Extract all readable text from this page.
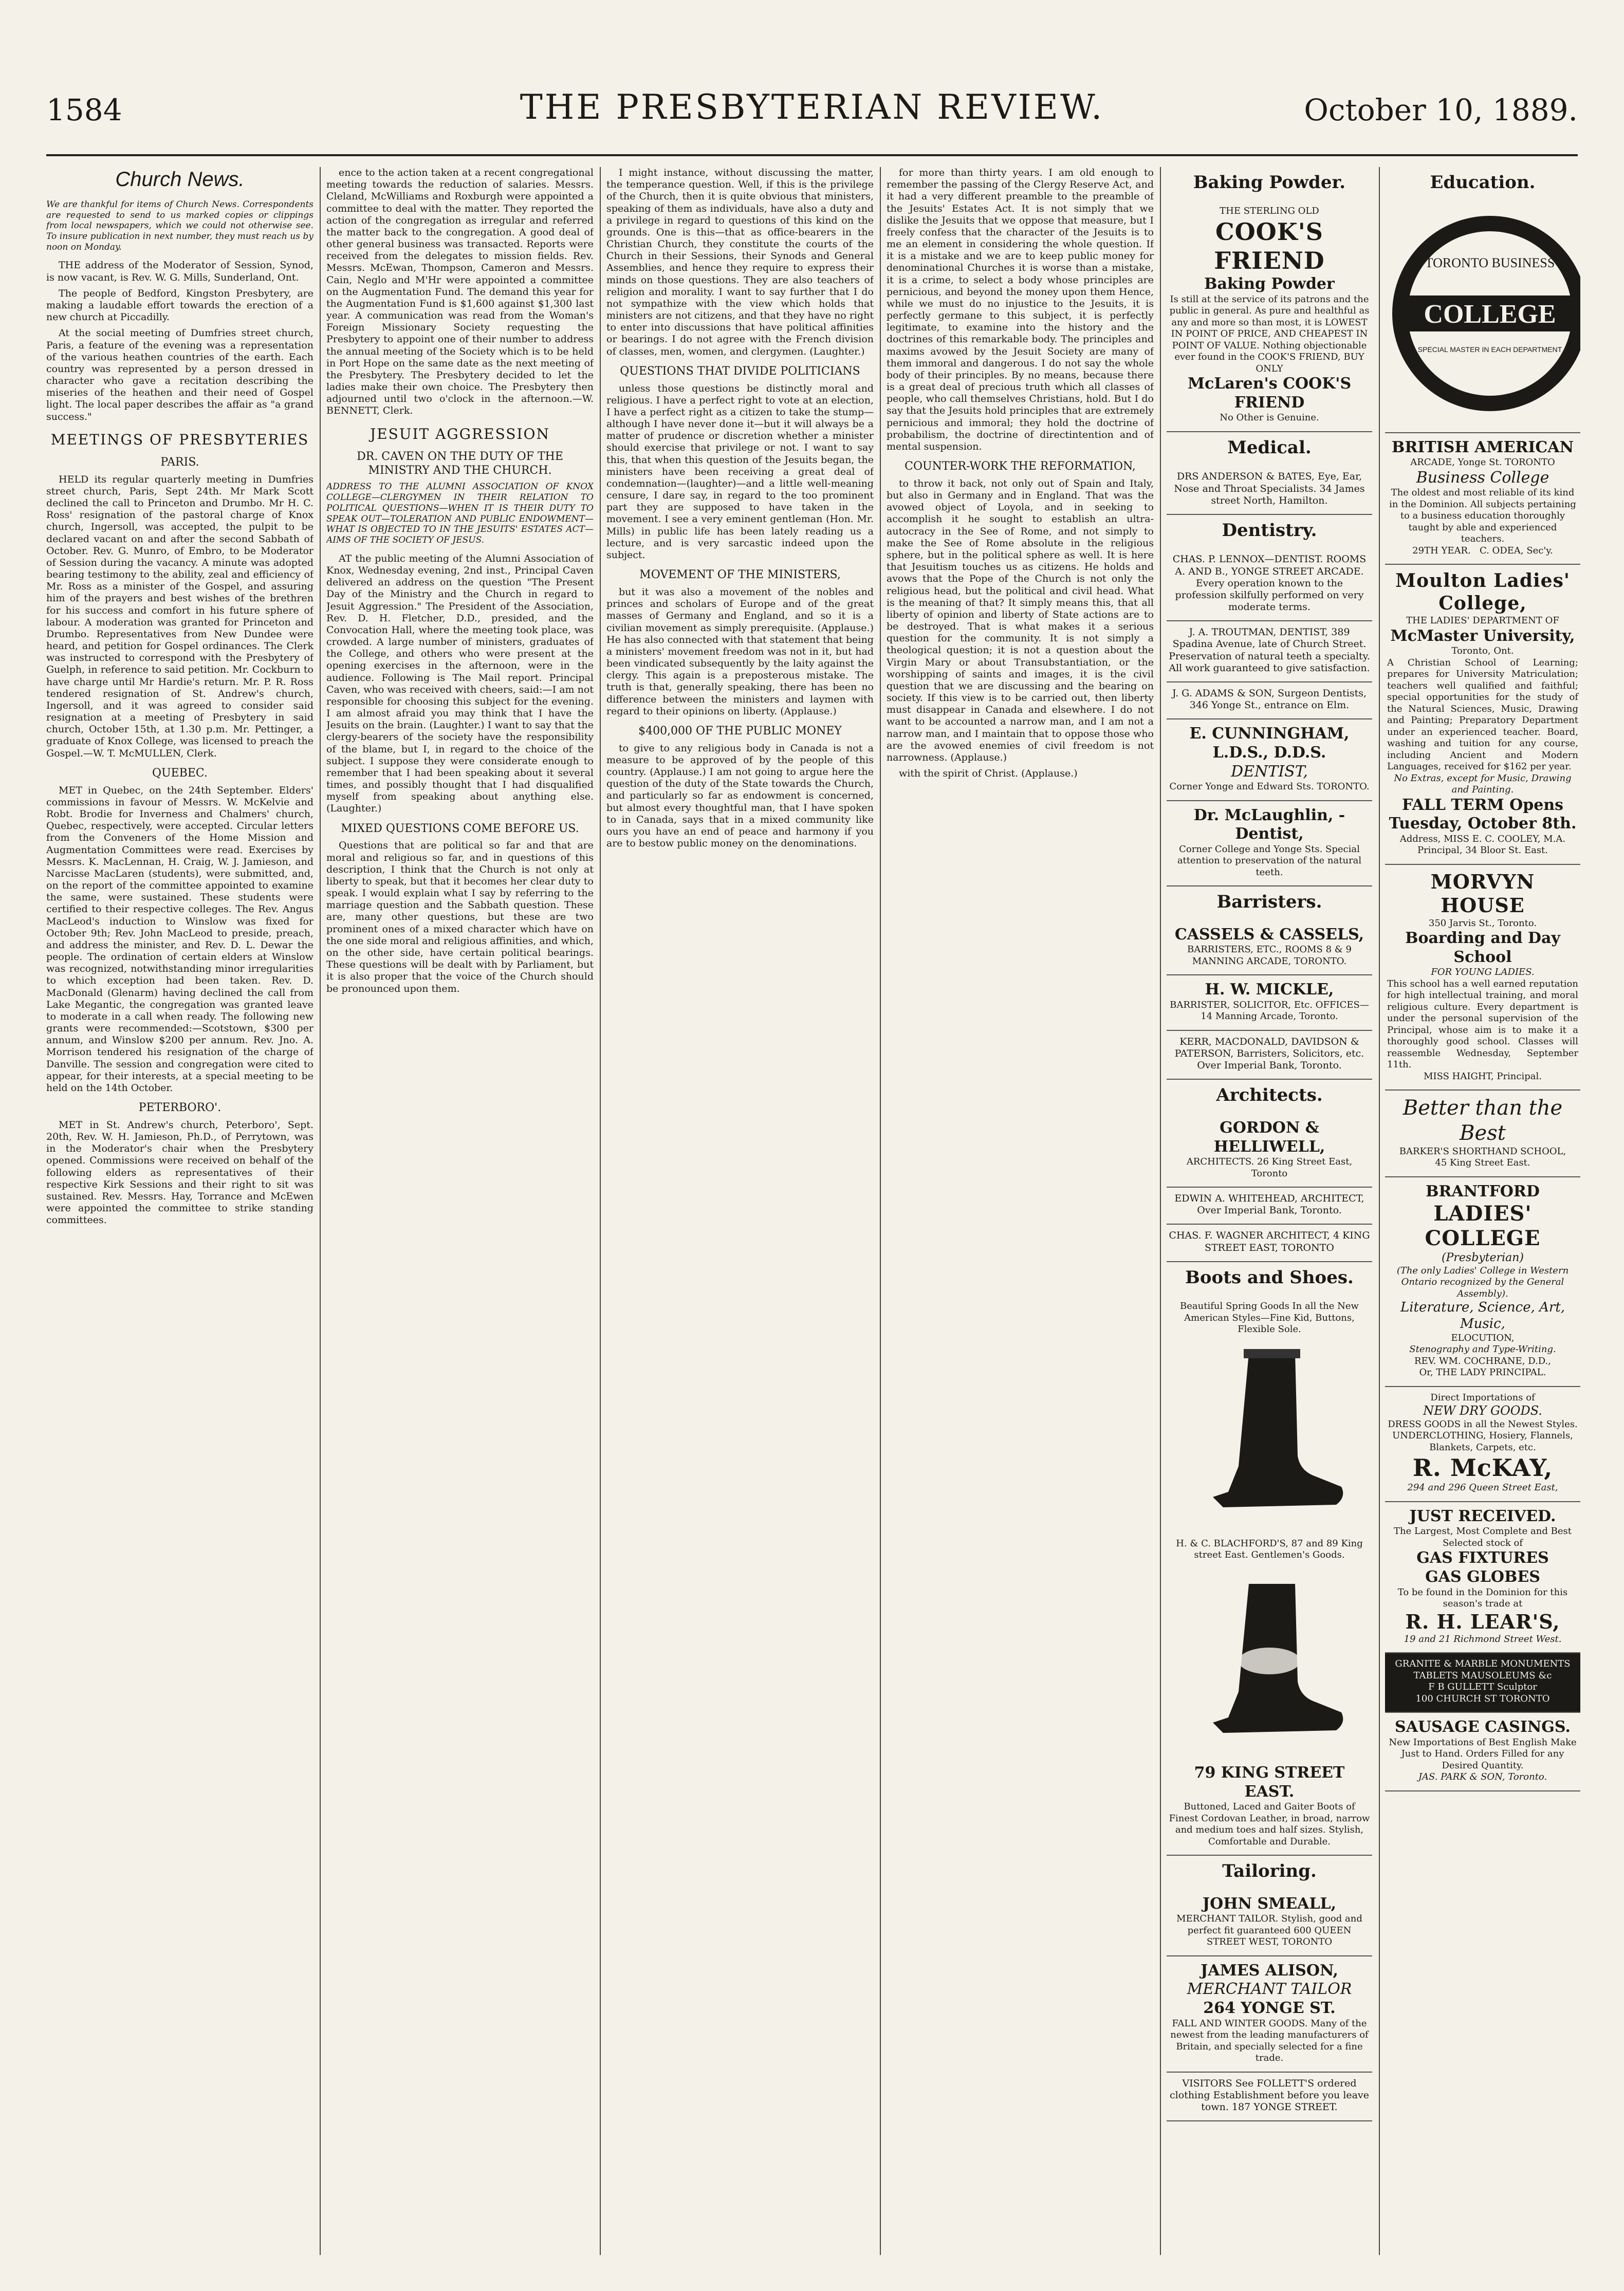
1584	THE PRESBYTERIAN REVIEW.	October 10, 1889.
Church News.
We are thankful for items of Church News. Correspondents are requested to send to us marked copies or clippings from local newspapers, which we could not otherwise see. To insure publication in next number, they must reach us by noon on Monday.

THE address of the Moderator of Session, Synod, is now vacant, is Rev. W. G. Mills, Sunderland, Ont.

The people of Bedford, Kingston Presbytery, are making a laudable effort towards the erection of a new church at Piccadilly.

At the social meeting of Dumfries street church, Paris, a feature of the evening was a representation of the various heathen countries of the earth. Each country was represented by a person dressed in character who gave a recitation describing the miseries of the heathen and their need of Gospel light. The local paper describes the affair as "a grand success."

MEETINGS OF PRESBYTERIES
PARIS.

HELD its regular quarterly meeting in Dumfries street church, Paris, Sept 24th. Mr Mark Scott declined the call to Princeton and Drumbo. Mr H. C. Ross' resignation of the pastoral charge of Knox church, Ingersoll, was accepted, the pulpit to be declared vacant on and after the second Sabbath of October. Rev. G. Munro, of Embro, to be Moderator of Session during the vacancy. A minute was adopted bearing testimony to the ability, zeal and efficiency of Mr. Ross as a minister of the Gospel, and assuring him of the prayers and best wishes of the brethren for his success and comfort in his future sphere of labour. A moderation was granted for Princeton and Drumbo. Representatives from New Dundee were heard, and petition for Gospel ordinances. The Clerk was instructed to correspond with the Presbytery of Guelph, in reference to said petition. Mr. Cockburn to have charge until Mr Hardie's return. Mr. P. R. Ross tendered resignation of St. Andrew's church, Ingersoll, and it was agreed to consider said resignation at a meeting of Presbytery in said church, October 15th, at 1.30 p.m. Mr. Pettinger, a graduate of Knox College, was licensed to preach the Gospel.—W. T. McMULLEN, Clerk.

QUEBEC.

MET in Quebec, on the 24th September. Elders' commissions in favour of Messrs. W. McKelvie and Robt. Brodie for Inverness and Chalmers' church, Quebec, respectively, were accepted. Circular letters from the Conveners of the Home Mission and Augmentation Committees were read. Exercises by Messrs. K. MacLennan, H. Craig, W. J. Jamieson, and Narcisse MacLaren (students), were submitted, and, on the report of the committee appointed to examine the same, were sustained. These students were certified to their respective colleges. The Rev. Angus MacLeod's induction to Winslow was fixed for October 9th; Rev. John MacLeod to preside, preach, and address the minister, and Rev. D. L. Dewar the people. The ordination of certain elders at Winslow was recognized, notwithstanding minor irregularities to which exception had been taken. Rev. D. MacDonald (Glenarm) having declined the call from Lake Megantic, the congregation was granted leave to moderate in a call when ready. The following new grants were recommended:—Scotstown, $300 per annum, and Winslow $200 per annum. Rev. Jno. A. Morrison tendered his resignation of the charge of Danville. The session and congregation were cited to appear, for their interests, at a special meeting to be held on the 14th October.

PETERBORO'.

MET in St. Andrew's church, Peterboro', Sept. 20th, Rev. W. H. Jamieson, Ph.D., of Perrytown, was in the Moderator's chair when the Presbytery opened. Commissions were received on behalf of the following elders as representatives of their respective Kirk Sessions and their right to sit was sustained. Rev. Messrs. Hay, Torrance and McEwen were appointed the committee to strike standing committees.

ence to the action taken at a recent congregational meeting towards the reduction of salaries. Messrs. Cleland, McWilliams and Roxburgh were appointed a committee to deal with the matter. They reported the action of the congregation as irregular and referred the matter back to the congregation. A good deal of other general business was transacted. Reports were received from the delegates to mission fields. Rev. Messrs. McEwan, Thompson, Cameron and Messrs. Cain, Neglo and M'Hr were appointed a committee on the Augmentation Fund. The demand this year for the Augmentation Fund is $1,600 against $1,300 last year. A communication was read from the Woman's Foreign Missionary Society requesting the Presbytery to appoint one of their number to address the annual meeting of the Society which is to be held in Port Hope on the same date as the next meeting of the Presbytery. The Presbytery decided to let the ladies make their own choice. The Presbytery then adjourned until two o'clock in the afternoon.—W. BENNETT, Clerk.

JESUIT AGGRESSION
DR. CAVEN ON THE DUTY OF THE MINISTRY AND THE CHURCH.
ADDRESS TO THE ALUMNI ASSOCIATION OF KNOX COLLEGE—CLERGYMEN IN THEIR RELATION TO POLITICAL QUESTIONS—WHEN IT IS THEIR DUTY TO SPEAK OUT—TOLERATION AND PUBLIC ENDOWMENT—WHAT IS OBJECTED TO IN THE JESUITS' ESTATES ACT—AIMS OF THE SOCIETY OF JESUS.

AT the public meeting of the Alumni Association of Knox, Wednesday evening, 2nd inst., Principal Caven delivered an address on the question "The Present Day of the Ministry and the Church in regard to Jesuit Aggression." The President of the Association, Rev. D. H. Fletcher, D.D., presided, and the Convocation Hall, where the meeting took place, was crowded. A large number of ministers, graduates of the College, and others who were present at the opening exercises in the afternoon, were in the audience. Following is The Mail report. Principal Caven, who was received with cheers, said:—I am not responsible for choosing this subject for the evening. I am almost afraid you may think that I have the Jesuits on the brain. (Laughter.) I want to say that the clergy-bearers of the society have the responsibility of the blame, but I, in regard to the choice of the subject. I suppose they were considerate enough to remember that I had been speaking about it several times, and possibly thought that I had disqualified myself from speaking about anything else. (Laughter.)

MIXED QUESTIONS COME BEFORE US.

Questions that are political so far and that are moral and religious so far, and in questions of this description, I think that the Church is not only at liberty to speak, but that it becomes her clear duty to speak. I would explain what I say by referring to the marriage question and the Sabbath question. These are, many other questions, but these are two prominent ones of a mixed character which have on the one side moral and religious affinities, and which, on the other side, have certain political bearings. These questions will be dealt with by Parliament, but it is also proper that the voice of the Church should be pronounced upon them.

I might instance, without discussing the matter, the temperance question. Well, if this is the privilege of the Church, then it is quite obvious that ministers, speaking of them as individuals, have also a duty and a privilege in regard to questions of this kind on the grounds. One is this—that as office-bearers in the Christian Church, they constitute the courts of the Church in their Sessions, their Synods and General Assemblies, and hence they require to express their minds on those questions. They are also teachers of religion and morality. I want to say further that I do not sympathize with the view which holds that ministers are not citizens, and that they have no right to enter into discussions that have political affinities or bearings. I do not agree with the French division of classes, men, women, and clergymen. (Laughter.)

QUESTIONS THAT DIVIDE POLITICIANS

unless those questions be distinctly moral and religious. I have a perfect right to vote at an election, I have a perfect right as a citizen to take the stump—although I have never done it—but it will always be a matter of prudence or discretion whether a minister should exercise that privilege or not. I want to say this, that when this question of the Jesuits began, the ministers have been receiving a great deal of condemnation—(laughter)—and a little well-meaning censure, I dare say, in regard to the too prominent part they are supposed to have taken in the movement. I see a very eminent gentleman (Hon. Mr. Mills) in public life has been lately reading us a lecture, and is very sarcastic indeed upon the subject.

MOVEMENT OF THE MINISTERS,

but it was also a movement of the nobles and princes and scholars of Europe and of the great masses of Germany and England, and so it is a civilian movement as simply prerequisite. (Applause.) He has also connected with that statement that being a ministers' movement freedom was not in it, but had been vindicated subsequently by the laity against the clergy. This again is a preposterous mistake. The truth is that, generally speaking, there has been no difference between the ministers and laymen with regard to their opinions on liberty. (Applause.)

$400,000 OF THE PUBLIC MONEY

to give to any religious body in Canada is not a measure to be approved of by the people of this country. (Applause.) I am not going to argue here the question of the duty of the State towards the Church, and particularly so far as endowment is concerned, but almost every thoughtful man, that I have spoken to in Canada, says that in a mixed community like ours you have an end of peace and harmony if you are to bestow public money on the denominations.

for more than thirty years. I am old enough to remember the passing of the Clergy Reserve Act, and it had a very different preamble to the preamble of the Jesuits' Estates Act. It is not simply that we dislike the Jesuits that we oppose that measure, but I freely confess that the character of the Jesuits is to me an element in considering the whole question. If it is a mistake and we are to keep public money for denominational Churches it is worse than a mistake, it is a crime, to select a body whose principles are pernicious, and beyond the money upon them Hence, while we must do no injustice to the Jesuits, it is perfectly germane to this subject, it is perfectly legitimate, to examine into the history and the doctrines of this remarkable body. The principles and maxims avowed by the Jesuit Society are many of them immoral and dangerous. I do not say the whole body of their principles. By no means, because there is a great deal of precious truth which all classes of people, who call themselves Christians, hold. But I do say that the Jesuits hold principles that are extremely pernicious and immoral; they hold the doctrine of probabilism, the doctrine of directintention and of mental suspension.

COUNTER-WORK THE REFORMATION,

to throw it back, not only out of Spain and Italy, but also in Germany and in England. That was the avowed object of Loyola, and in seeking to accomplish it he sought to establish an ultra-autocracy in the See of Rome, and not simply to make the See of Rome absolute in the religious sphere, but in the political sphere as well. It is here that Jesuitism touches us as citizens. He holds and avows that the Pope of the Church is not only the religious head, but the political and civil head. What is the meaning of that? It simply means this, that all liberty of opinion and liberty of State actions are to be destroyed. That is what makes it a serious question for the community. It is not simply a theological question; it is not a question about the Virgin Mary or about Transubstantiation, or the worshipping of saints and images, it is the civil question that we are discussing and the bearing on society. If this view is to be carried out, then liberty must disappear in Canada and elsewhere. I do not want to be accounted a narrow man, and I am not a narrow man, and I maintain that to oppose those who are the avowed enemies of civil freedom is not narrowness. (Applause.)

with the spirit of Christ. (Applause.)

Baking Powder.
THE STERLING OLD
COOK'S FRIEND
Baking Powder
Is still at the service of its patrons and the public in general. As pure and healthful as any and more so than most, it is LOWEST IN POINT OF PRICE, AND CHEAPEST IN POINT OF VALUE. Nothing objectionable ever found in the COOK'S FRIEND, BUY ONLY
McLaren's COOK'S FRIEND
No Other is Genuine.
Medical.
DRS ANDERSON & BATES, Eye, Ear, Nose and Throat Specialists. 34 James street North, Hamilton.
Dentistry.
CHAS. P. LENNOX—DENTIST. ROOMS A. AND B., YONGE STREET ARCADE. Every operation known to the profession skilfully performed on very moderate terms.
J. A. TROUTMAN, DENTIST, 389 Spadina Avenue, late of Church Street. Preservation of natural teeth a specialty. All work guaranteed to give satisfaction.
J. G. ADAMS & SON, Surgeon Dentists, 346 Yonge St., entrance on Elm.
E. CUNNINGHAM, L.D.S., D.D.S.
DENTIST,
Corner Yonge and Edward Sts. TORONTO.
Dr. McLaughlin, - Dentist,
Corner College and Yonge Sts. Special attention to preservation of the natural teeth.
Barristers.
CASSELS & CASSELS,
BARRISTERS, ETC., ROOMS 8 & 9 MANNING ARCADE, TORONTO.
H. W. MICKLE,
BARRISTER, SOLICITOR, Etc. OFFICES—14 Manning Arcade, Toronto.
KERR, MACDONALD, DAVIDSON & PATERSON, Barristers, Solicitors, etc. Over Imperial Bank, Toronto.
Architects.
GORDON & HELLIWELL,
ARCHITECTS. 26 King Street East, Toronto
EDWIN A. WHITEHEAD, ARCHITECT, Over Imperial Bank, Toronto.
CHAS. F. WAGNER ARCHITECT, 4 KING STREET EAST, TORONTO
Boots and Shoes.
Beautiful Spring Goods In all the New American Styles—Fine Kid, Buttons, Flexible Sole.
H. & C. BLACHFORD'S, 87 and 89 King street East. Gentlemen's Goods.
79 KING STREET EAST.
Buttoned, Laced and Gaiter Boots of Finest Cordovan Leather, in broad, narrow and medium toes and half sizes. Stylish, Comfortable and Durable.
Tailoring.
JOHN SMEALL,
MERCHANT TAILOR. Stylish, good and perfect fit guaranteed 600 QUEEN STREET WEST, TORONTO
JAMES ALISON,
MERCHANT TAILOR
264 YONGE ST.
FALL AND WINTER GOODS. Many of the newest from the leading manufacturers of Britain, and specially selected for a fine trade.
VISITORS See FOLLETT'S ordered clothing Establishment before you leave town. 187 YONGE STREET.
Education.
COLLEGE
TORONTO BUSINESS
SPECIAL MASTER IN EACH DEPARTMENT
BRITISH AMERICAN
ARCADE, Yonge St. TORONTO
Business College
The oldest and most reliable of its kind in the Dominion. All subjects pertaining to a business education thoroughly taught by able and experienced teachers.
29TH YEAR. C. ODEA, Sec'y.
Moulton Ladies' College,
THE LADIES' DEPARTMENT OF
McMaster University,
Toronto, Ont.
A Christian School of Learning; prepares for University Matriculation; teachers well qualified and faithful; special opportunities for the study of the Natural Sciences, Music, Drawing and Painting; Preparatory Department under an experienced teacher. Board, washing and tuition for any course, including Ancient and Modern Languages, received for $162 per year.
No Extras, except for Music, Drawing and Painting.
FALL TERM Opens Tuesday, October 8th.
Address, MISS E. C. COOLEY, M.A. Principal, 34 Bloor St. East.
MORVYN HOUSE
350 Jarvis St., Toronto.
Boarding and Day School
FOR YOUNG LADIES.
This school has a well earned reputation for high intellectual training, and moral religious culture. Every department is under the personal supervision of the Principal, whose aim is to make it a thoroughly good school. Classes will reassemble Wednesday, September 11th.
MISS HAIGHT, Principal.
Better than the Best
BARKER'S SHORTHAND SCHOOL,
45 King Street East.
BRANTFORD
LADIES' COLLEGE
(Presbyterian)
(The only Ladies' College in Western Ontario recognized by the General Assembly).
Literature, Science, Art, Music,
ELOCUTION,
Stenography and Type-Writing.
REV. WM. COCHRANE, D.D.,
Or, THE LADY PRINCIPAL.
Direct Importations of
NEW DRY GOODS.
DRESS GOODS in all the Newest Styles. UNDERCLOTHING, Hosiery, Flannels, Blankets, Carpets, etc.
R. McKAY,
294 and 296 Queen Street East,
JUST RECEIVED.
The Largest, Most Complete and Best Selected stock of
GAS FIXTURES
GAS GLOBES
To be found in the Dominion for this season's trade at
R. H. LEAR'S,
19 and 21 Richmond Street West.
GRANITE & MARBLE MONUMENTS TABLETS MAUSOLEUMS &c
F B GULLETT Sculptor
100 CHURCH ST TORONTO
SAUSAGE CASINGS.
New Importations of Best English Make Just to Hand. Orders Filled for any Desired Quantity.
JAS. PARK & SON, Toronto.
